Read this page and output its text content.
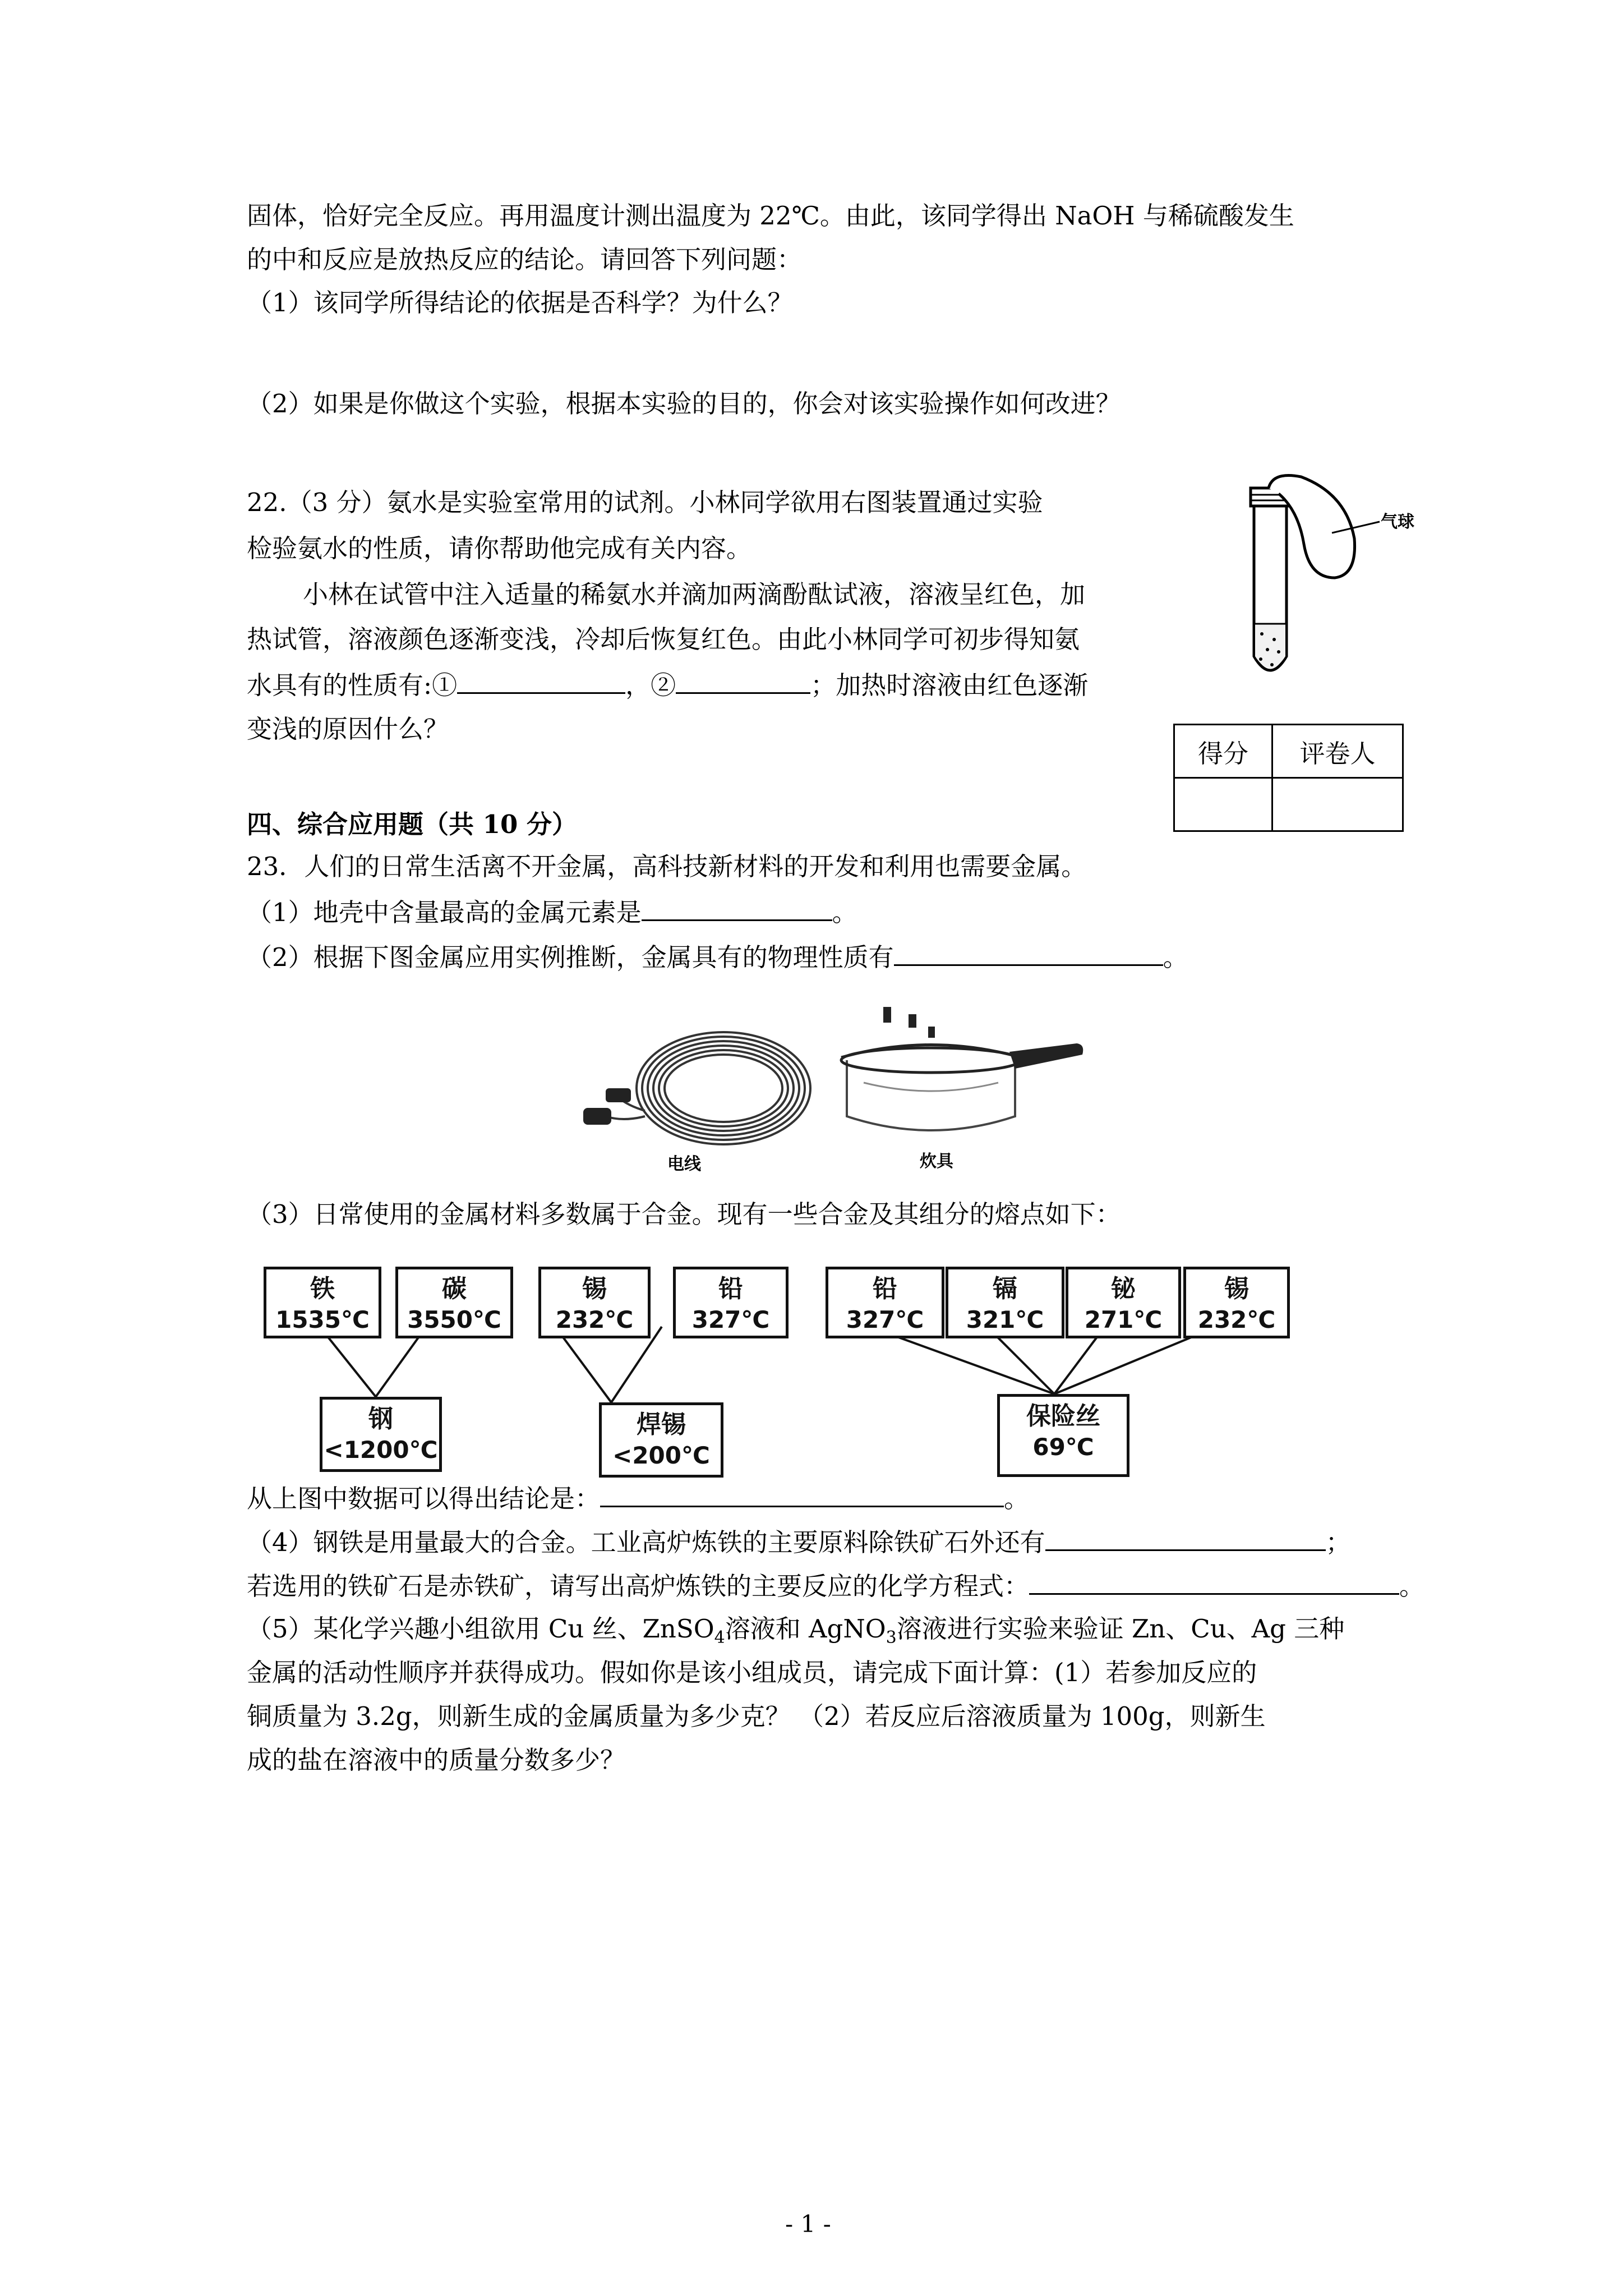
固体，恰好完全反应。再用温度计测出温度为 22℃。由此，该同学得出 NaOH 与稀硫酸发生
的中和反应是放热反应的结论。请回答下列问题：
（1）该同学所得结论的依据是否科学？为什么？
（2）如果是你做这个实验，根据本实验的目的，你会对该实验操作如何改进？
22.（3 分）氨水是实验室常用的试剂。小林同学欲用右图装置通过实验
检验氨水的性质，请你帮助他完成有关内容。
小林在试管中注入适量的稀氨水并滴加两滴酚酞试液，溶液呈红色，加
热试管，溶液颜色逐渐变浅，冷却后恢复红色。由此小林同学可初步得知氨
水具有的性质有:①	，②	；加热时溶液由红色逐渐
变浅的原因什么？
气球
得分	评卷人

四、综合应用题（共 10 分）
23．人们的日常生活离不开金属，高科技新材料的开发和利用也需要金属。
（1）地壳中含量最高的金属元素是	。
（2）根据下图金属应用实例推断，金属具有的物理性质有	。
电线	炊具
（3）日常使用的金属材料多数属于合金。现有一些合金及其组分的熔点如下：
铁
1535℃
碳
3550℃
钢
<1200℃
锡
232℃
铅
327℃
焊锡
<200℃
铅
327℃
镉
321℃
铋
271℃
锡
232℃
保险丝
69℃
从上图中数据可以得出结论是：	。
（4）钢铁是用量最大的合金。工业高炉炼铁的主要原料除铁矿石外还有	；
若选用的铁矿石是赤铁矿，请写出高炉炼铁的主要反应的化学方程式：	。
（5）某化学兴趣小组欲用 Cu 丝、ZnSO$_4$溶液和 AgNO$_3$溶液进行实验来验证 Zn、Cu、Ag 三种
金属的活动性顺序并获得成功。假如你是该小组成员，请完成下面计算：(1）若参加反应的
铜质量为 3.2g，则新生成的金属质量为多少克？ （2）若反应后溶液质量为 100g，则新生
成的盐在溶液中的质量分数多少？
- 1 -
